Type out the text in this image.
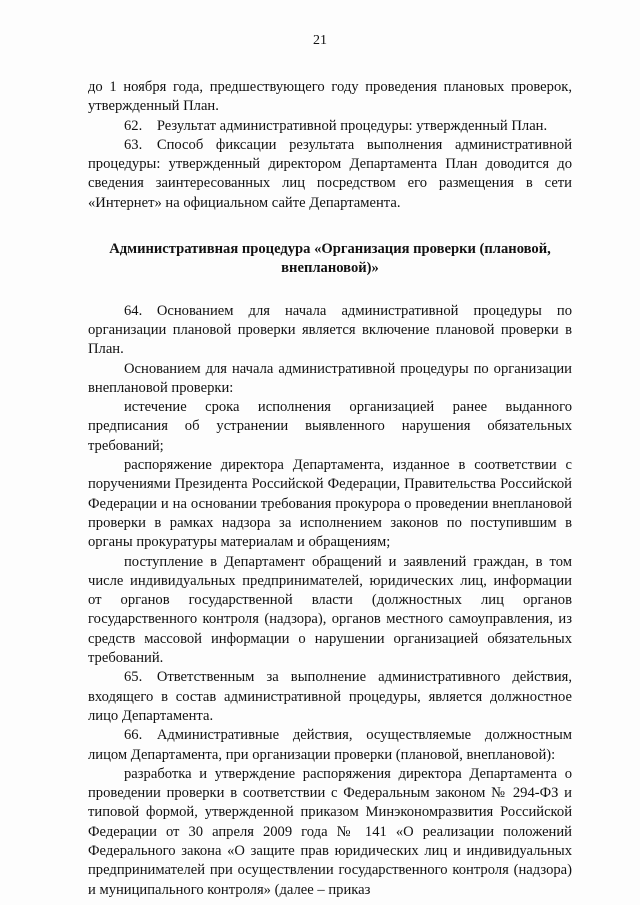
21

до 1 ноября года, предшествующего году проведения плановых проверок, утвержденный План.

62. Результат административной процедуры: утвержденный План.

63. Способ фиксации результата выполнения административной процедуры: утвержденный директором Департамента План доводится до сведения заинтересованных лиц посредством его размещения в сети «Интернет» на официальном сайте Департамента.

Административная процедура «Организация проверки (плановой,
внеплановой)»

64. Основанием для начала административной процедуры по организации плановой проверки является включение плановой проверки в План.

Основанием для начала административной процедуры по организации внеплановой проверки:

истечение срока исполнения организацией ранее выданного предписания об устранении выявленного нарушения обязательных требований;

распоряжение директора Департамента, изданное в соответствии с поручениями Президента Российской Федерации, Правительства Российской Федерации и на основании требования прокурора о проведении внеплановой проверки в рамках надзора за исполнением законов по поступившим в органы прокуратуры материалам и обращениям;

поступление в Департамент обращений и заявлений граждан, в том числе индивидуальных предпринимателей, юридических лиц, информации от органов государственной власти (должностных лиц органов государственного контроля (надзора), органов местного самоуправления, из средств массовой информации о нарушении организацией обязательных требований.

65. Ответственным за выполнение административного действия, входящего в состав административной процедуры, является должностное лицо Департамента.

66. Административные действия, осуществляемые должностным лицом Департамента, при организации проверки (плановой, внеплановой):

разработка и утверждение распоряжения директора Департамента о проведении проверки в соответствии с Федеральным законом № 294-ФЗ и типовой формой, утвержденной приказом Минэкономразвития Российской Федерации от 30 апреля 2009 года № 141 «О реализации положений Федерального закона «О защите прав юридических лиц и индивидуальных предпринимателей при осуществлении государственного контроля (надзора) и муниципального контроля» (далее – приказ
